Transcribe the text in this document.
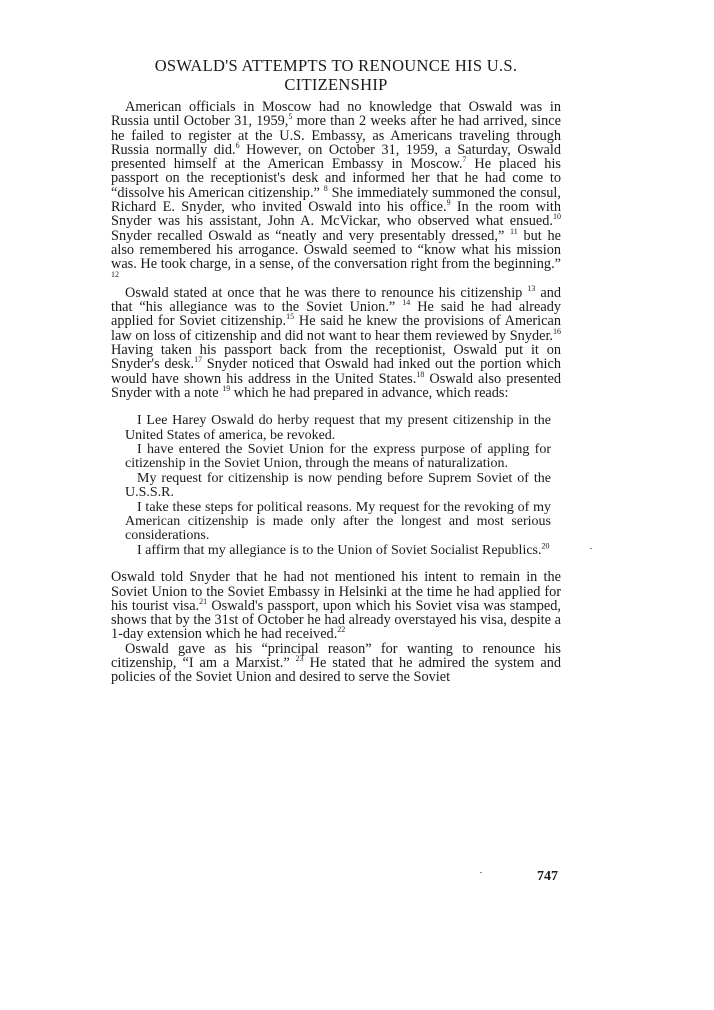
OSWALD'S ATTEMPTS TO RENOUNCE HIS U.S.
CITIZENSHIP

American officials in Moscow had no knowledge that Oswald was in Russia until October 31, 1959,$^5$ more than 2 weeks after he had arrived, since he failed to register at the U.S. Embassy, as Americans traveling through Russia normally did.$^6$ However, on October 31, 1959, a Saturday, Oswald presented himself at the American Embassy in Moscow.$^7$ He placed his passport on the receptionist's desk and informed her that he had come to “dissolve his American citizenship.” $^8$ She immediately summoned the consul, Richard E. Snyder, who invited Oswald into his office.$^9$ In the room with Snyder was his assistant, John A. McVickar, who observed what ensued.$^{10}$ Snyder recalled Oswald as “neatly and very presentably dressed,” $^{11}$ but he also remembered his arrogance. Oswald seemed to “know what his mission was. He took charge, in a sense, of the conversation right from the beginning.” $^{12}$

Oswald stated at once that he was there to renounce his citizenship $^{13}$ and that “his allegiance was to the Soviet Union.” $^{14}$ He said he had already applied for Soviet citizenship.$^{15}$ He said he knew the provisions of American law on loss of citizenship and did not want to hear them reviewed by Snyder.$^{16}$ Having taken his passport back from the receptionist, Oswald put it on Snyder's desk.$^{17}$ Snyder noticed that Oswald had inked out the portion which would have shown his address in the United States.$^{18}$ Oswald also presented Snyder with a note $^{19}$ which he had prepared in advance, which reads:

I Lee Harey Oswald do herby request that my present citizenship in the United States of america, be revoked.

I have entered the Soviet Union for the express purpose of appling for citizenship in the Soviet Union, through the means of naturalization.

My request for citizenship is now pending before Suprem Soviet of the U.S.S.R.

I take these steps for political reasons. My request for the revoking of my American citizenship is made only after the longest and most serious considerations.

I affirm that my allegiance is to the Union of Soviet Socialist Republics.$^{20}$

Oswald told Snyder that he had not mentioned his intent to remain in the Soviet Union to the Soviet Embassy in Helsinki at the time he had applied for his tourist visa.$^{21}$ Oswald's passport, upon which his Soviet visa was stamped, shows that by the 31st of October he had already overstayed his visa, despite a 1-day extension which he had received.$^{22}$

Oswald gave as his “principal reason” for wanting to renounce his citizenship, “I am a Marxist.” $^{23}$ He stated that he admired the system and policies of the Soviet Union and desired to serve the Soviet

747
